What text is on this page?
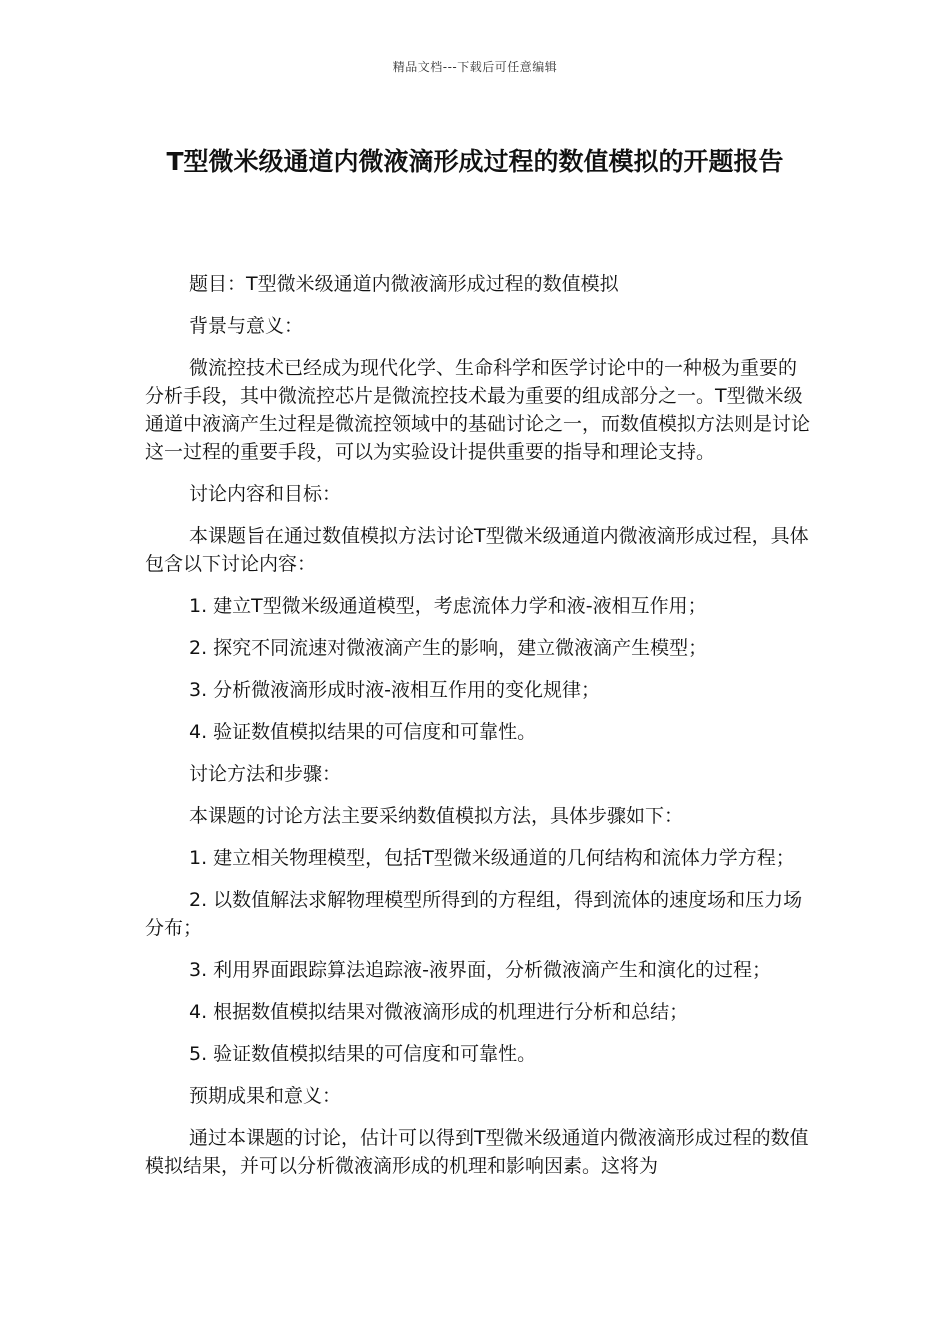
精品文档---下载后可任意编辑
T型微米级通道内微液滴形成过程的数值模拟的开题报告

题目：T型微米级通道内微液滴形成过程的数值模拟

背景与意义：

微流控技术已经成为现代化学、生命科学和医学讨论中的一种极为重要的分析手段，其中微流控芯片是微流控技术最为重要的组成部分之一。T型微米级通道中液滴产生过程是微流控领域中的基础讨论之一，而数值模拟方法则是讨论这一过程的重要手段，可以为实验设计提供重要的指导和理论支持。

讨论内容和目标：

本课题旨在通过数值模拟方法讨论T型微米级通道内微液滴形成过程，具体包含以下讨论内容：

1. 建立T型微米级通道模型，考虑流体力学和液-液相互作用；

2. 探究不同流速对微液滴产生的影响，建立微液滴产生模型；

3. 分析微液滴形成时液-液相互作用的变化规律；

4. 验证数值模拟结果的可信度和可靠性。

讨论方法和步骤：

本课题的讨论方法主要采纳数值模拟方法，具体步骤如下：

1. 建立相关物理模型，包括T型微米级通道的几何结构和流体力学方程；

2. 以数值解法求解物理模型所得到的方程组，得到流体的速度场和压力场分布；

3. 利用界面跟踪算法追踪液-液界面，分析微液滴产生和演化的过程；

4. 根据数值模拟结果对微液滴形成的机理进行分析和总结；

5. 验证数值模拟结果的可信度和可靠性。

预期成果和意义：

通过本课题的讨论，估计可以得到T型微米级通道内微液滴形成过程的数值模拟结果，并可以分析微液滴形成的机理和影响因素。这将为
